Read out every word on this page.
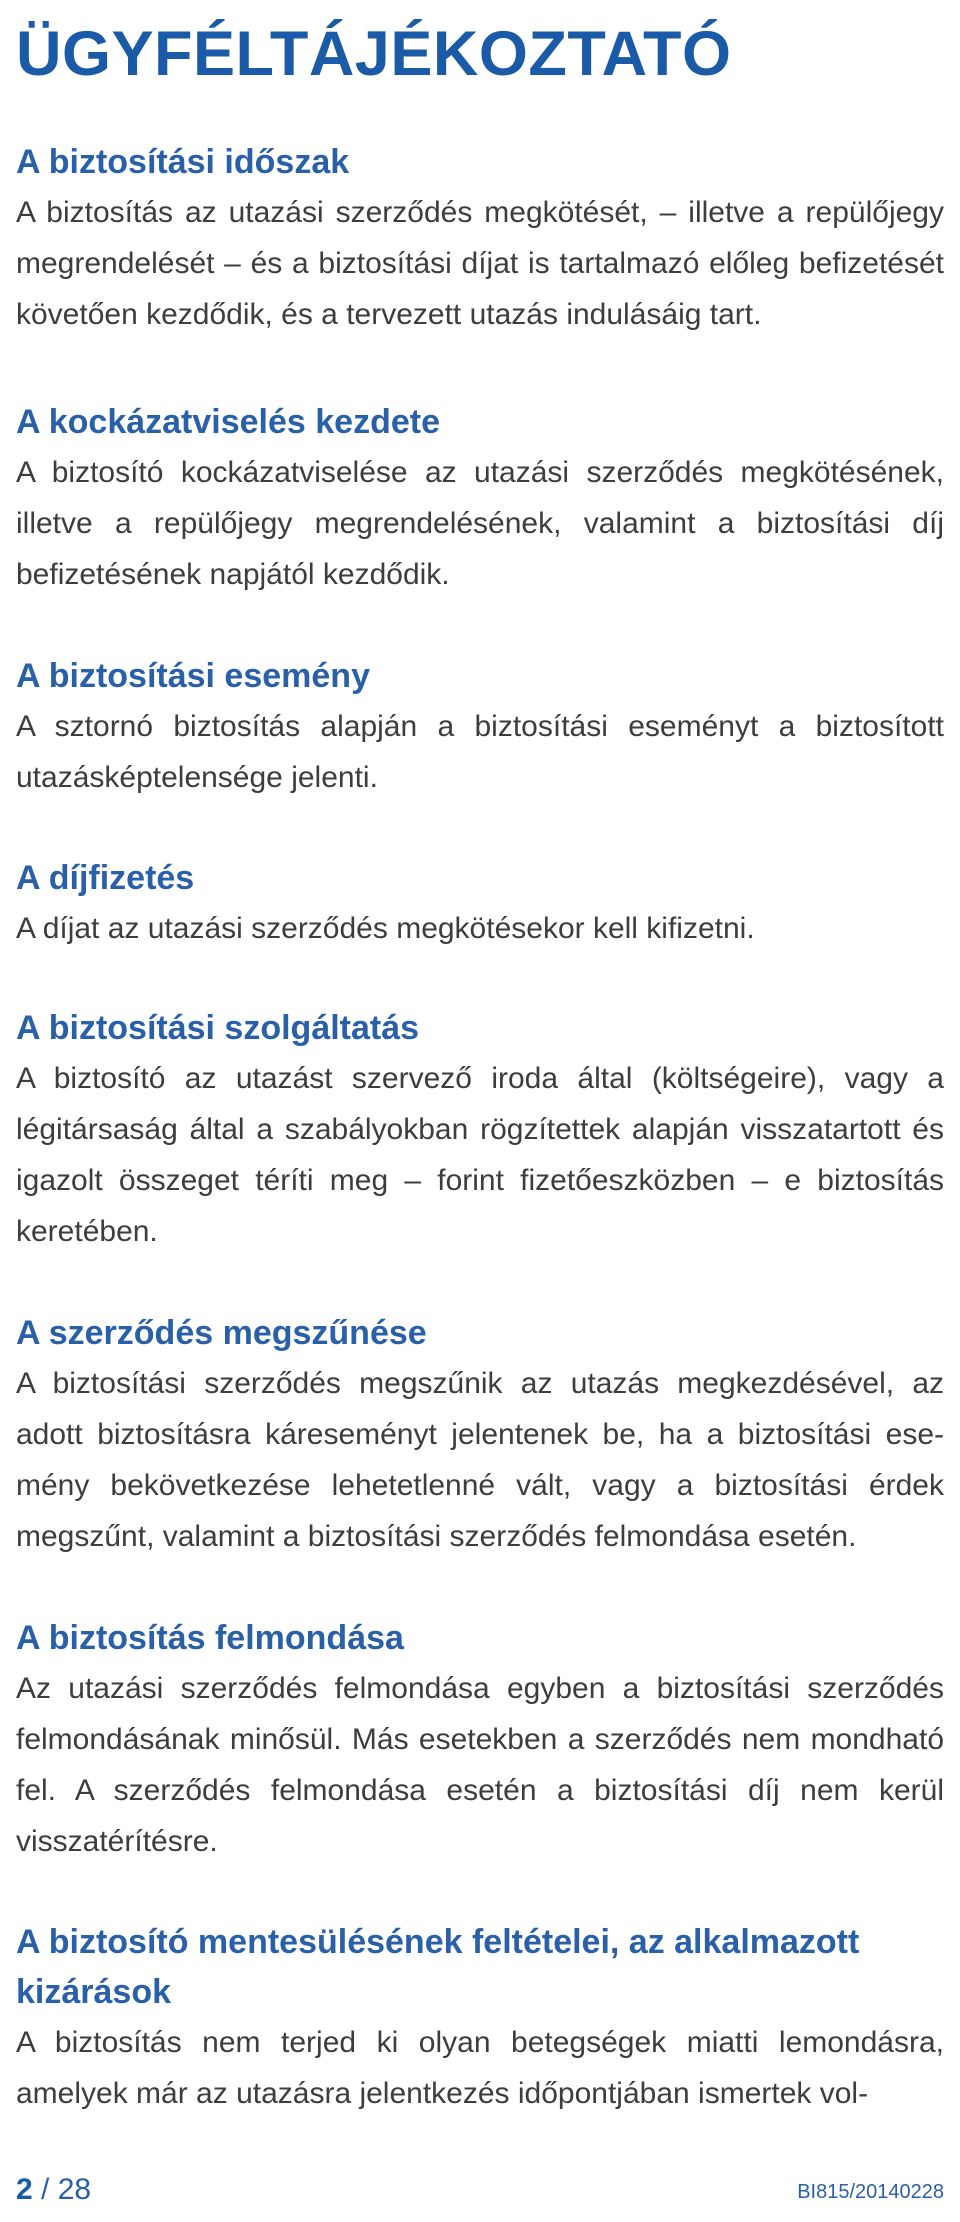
ÜGYFÉLTÁJÉKOZTATÓ
A biztosítási időszak

A biztosítás az utazási szerződés megkötését, – illetve a repülőjegy megrendelését – és a biztosítási díjat is tartalmazó előleg befizetését követően kezdődik, és a tervezett utazás indulásáig tart.

A kockázatviselés kezdete

A biztosító kockázatviselése az utazási szerződés megkötésének, illetve a repülőjegy megrendelésének, valamint a biztosítási díj befizetésének napjától kezdődik.

A biztosítási esemény

A sztornó biztosítás alapján a biztosítási eseményt a biztosított utazásképtelensége jelenti.

A díjfizetés

A díjat az utazási szerződés megkötésekor kell kifizetni.

A biztosítási szolgáltatás

A biztosító az utazást szervező iroda által (költségeire), vagy a légitársaság által a szabályokban rögzítettek alapján visszatartott és igazolt összeget téríti meg – forint fizetőeszközben – e biztosítás keretében.

A szerződés megszűnése

A biztosítási szerződés megszűnik az utazás megkezdésével, az adott biztosításra káreseményt jelentenek be, ha a biztosítási esemény bekövetkezése lehetetlenné vált, vagy a biztosítási érdek megszűnt, valamint a biztosítási szerződés felmondása esetén.

A biztosítás felmondása

Az utazási szerződés felmondása egyben a biztosítási szerződés felmondásának minősül. Más esetekben a szerződés nem mondható fel. A szerződés felmondása esetén a biztosítási díj nem kerül visszatérítésre.

A biztosító mentesülésének feltételei, az alkalmazott kizárások

A biztosítás nem terjed ki olyan betegségek miatti lemondásra, amelyek már az utazásra jelentkezés időpontjában ismertek vol-

2 / 28	BI815/20140228
